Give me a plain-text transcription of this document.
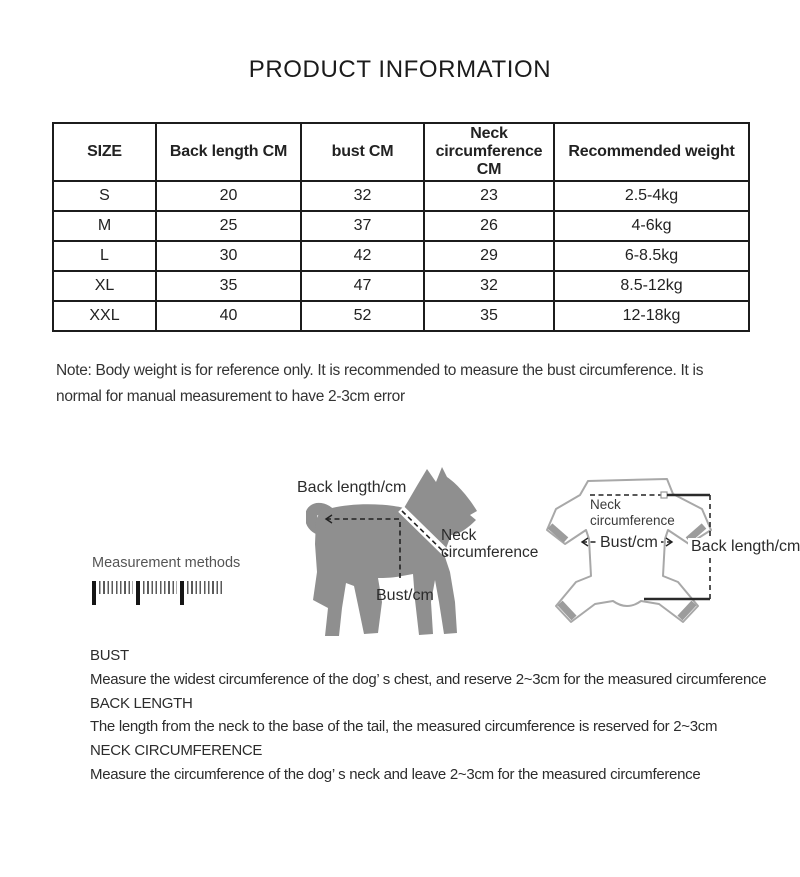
PRODUCT INFORMATION
SIZE	Back length CM	bust CM	Neck circumference CM	Recommended weight
S	20	32	23	2.5-4kg
M	25	37	26	4-6kg
L	30	42	29	6-8.5kg
XL	35	47	32	8.5-12kg
XXL	40	52	35	12-18kg
Note: Body weight is for reference only. It is recommended to measure the bust circumference. It is
normal for manual measurement to have 2-3cm error
Measurement methods
Back length/cm
Neck
circumference
Bust/cm
Neck
circumference
Bust/cm Back length/cm
BUST
Measure the widest circumference of the dog’ s chest, and reserve 2~3cm for the measured circumference
BACK LENGTH
The length from the neck to the base of the tail, the measured circumference is reserved for 2~3cm
NECK CIRCUMFERENCE
Measure the circumference of the dog’ s neck and leave 2~3cm for the measured circumference
